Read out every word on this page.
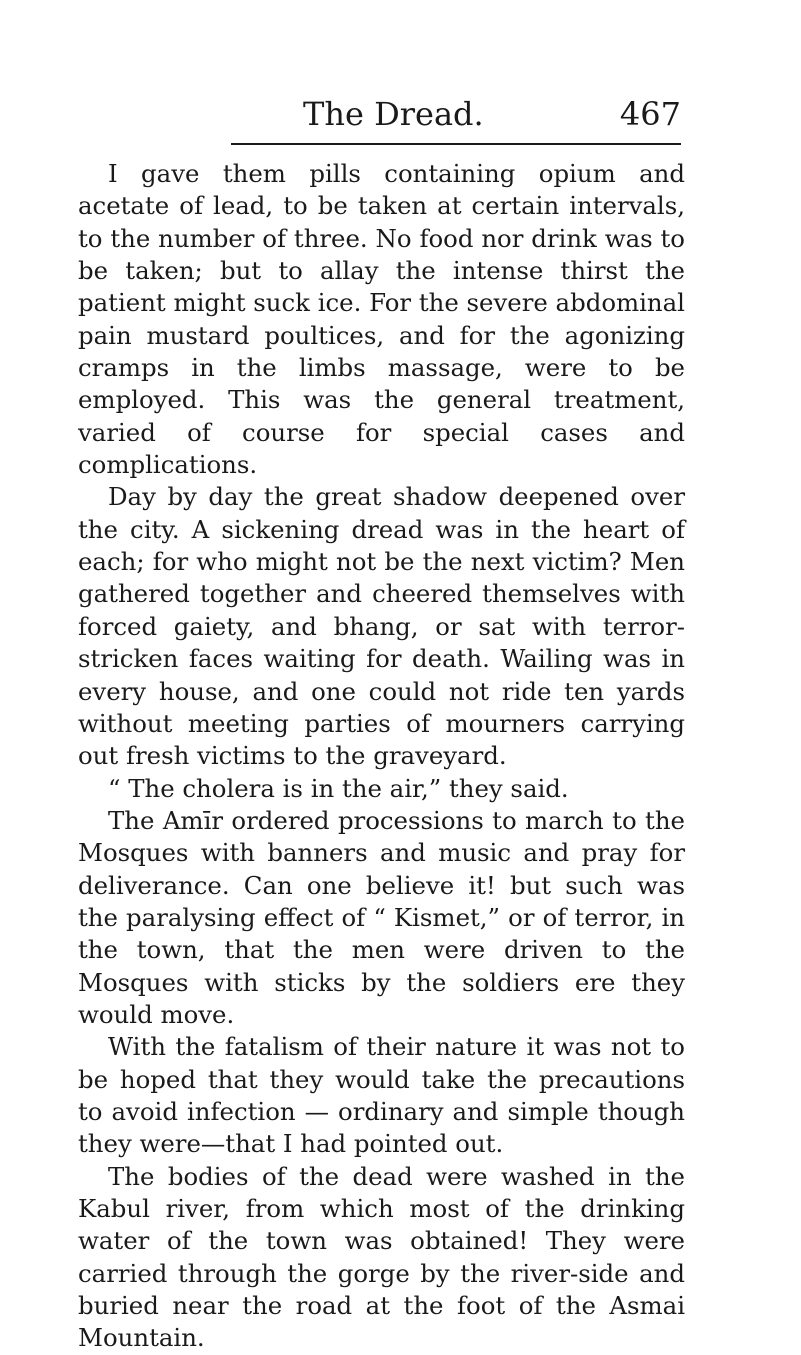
The Dread.	467

I gave them pills containing opium and acetate of lead, to be taken at certain intervals, to the number of three. No food nor drink was to be taken; but to allay the intense thirst the patient might suck ice. For the severe abdominal pain mustard poultices, and for the agonizing cramps in the limbs massage, were to be employed. This was the general treatment, varied of course for special cases and complications.

Day by day the great shadow deepened over the city. A sickening dread was in the heart of each; for who might not be the next victim? Men gathered together and cheered themselves with forced gaiety, and bhang, or sat with terror-stricken faces waiting for death. Wailing was in every house, and one could not ride ten yards without meeting parties of mourners carrying out fresh victims to the graveyard.

“ The cholera is in the air,” they said.

The Amīr ordered processions to march to the Mosques with banners and music and pray for deliverance. Can one believe it! but such was the paralysing effect of “ Kismet,” or of terror, in the town, that the men were driven to the Mosques with sticks by the soldiers ere they would move.

With the fatalism of their nature it was not to be hoped that they would take the precautions to avoid infection — ordinary and simple though they were—that I had pointed out.

The bodies of the dead were washed in the Kabul river, from which most of the drinking water of the town was obtained! They were carried through the gorge by the river-side and buried near the road at the foot of the Asmai Mountain.
